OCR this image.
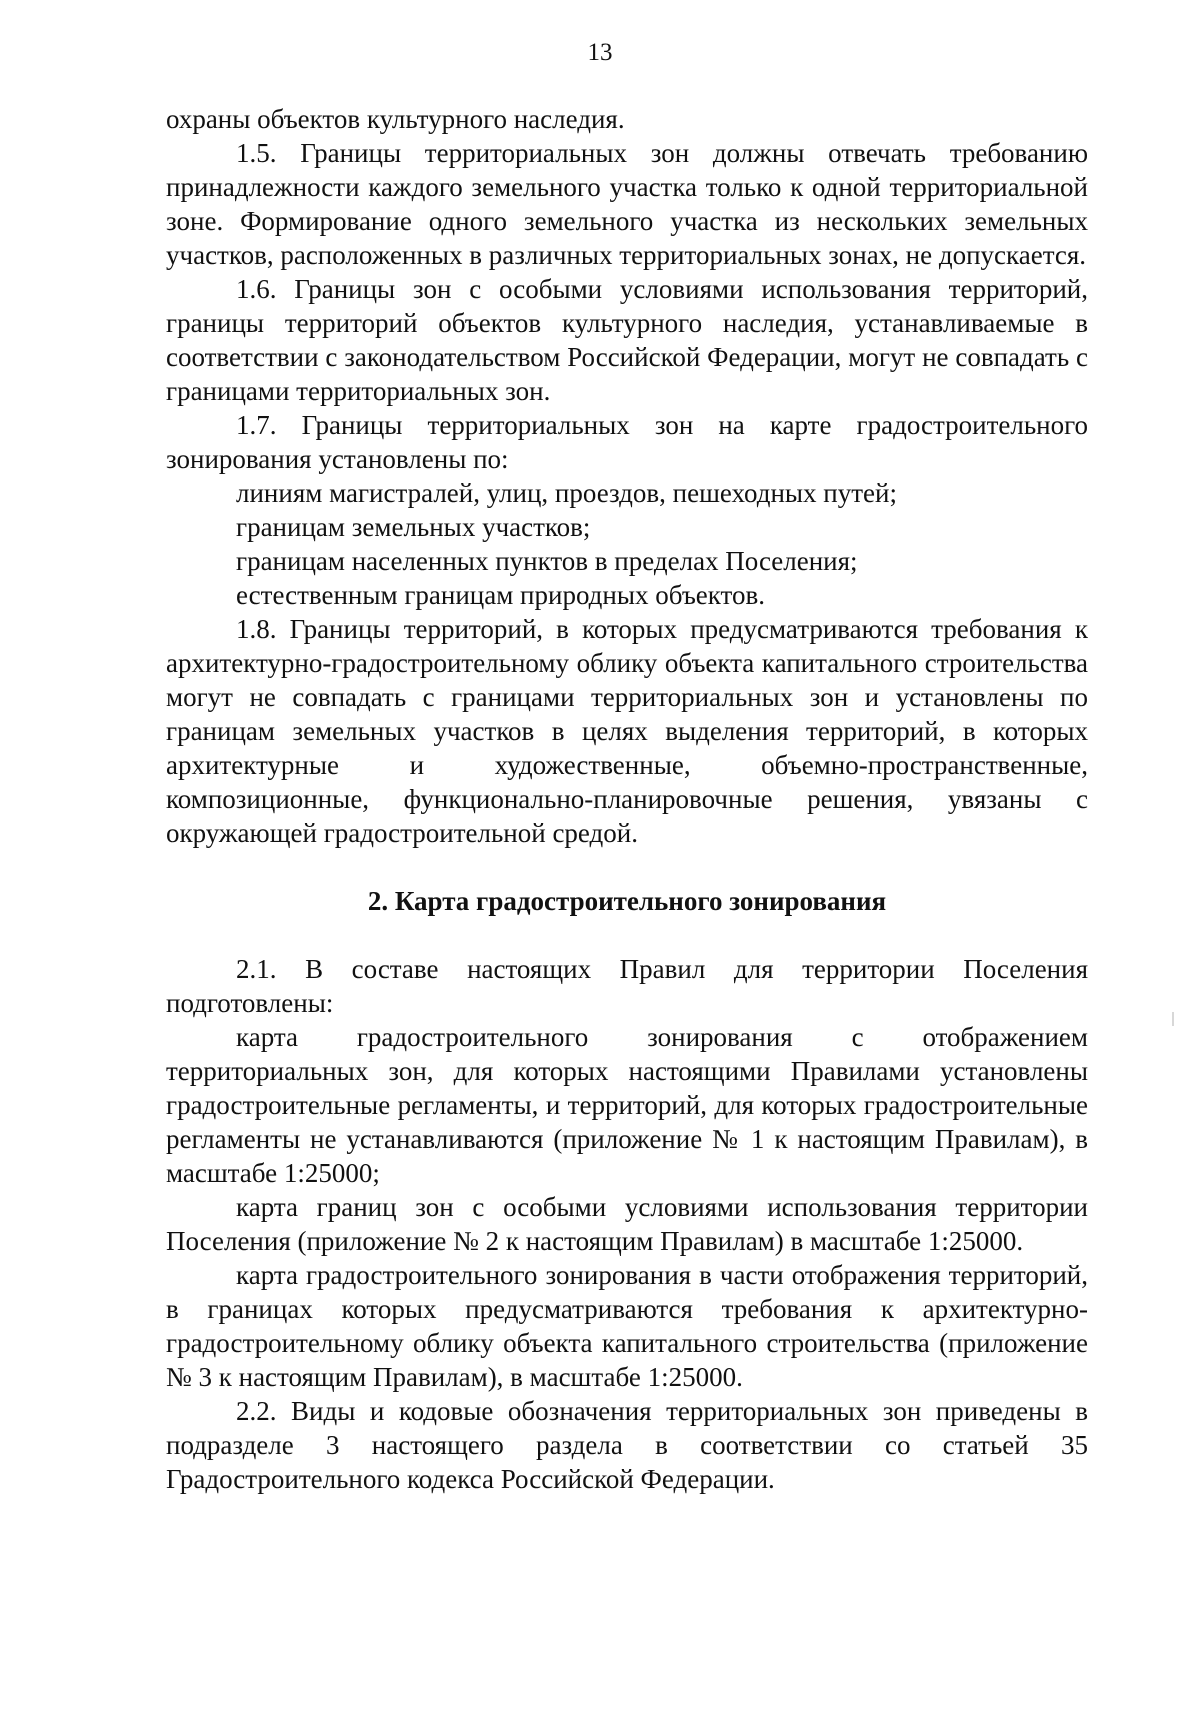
13

охраны объектов культурного наследия.

1.5. Границы территориальных зон должны отвечать требованию принадлежности каждого земельного участка только к одной территориальной зоне. Формирование одного земельного участка из нескольких земельных участков, расположенных в различных территориальных зонах, не допускается.

1.6. Границы зон с особыми условиями использования территорий, границы территорий объектов культурного наследия, устанавливаемые в соответствии с законодательством Российской Федерации, могут не совпадать с границами территориальных зон.

1.7. Границы территориальных зон на карте градостроительного зонирования установлены по:

линиям магистралей, улиц, проездов, пешеходных путей;

границам земельных участков;

границам населенных пунктов в пределах Поселения;

естественным границам природных объектов.

1.8. Границы территорий, в которых предусматриваются требования к архитектурно-градостроительному облику объекта капитального строительства могут не совпадать с границами территориальных зон и установлены по границам земельных участков в целях выделения территорий, в которых архитектурные и художественные, объемно-пространственные, композиционные, функционально-планировочные решения, увязаны с окружающей градостроительной средой.

2. Карта градостроительного зонирования

2.1. В составе настоящих Правил для территории Поселения подготовлены:

карта градостроительного зонирования с отображением территориальных зон, для которых настоящими Правилами установлены градостроительные регламенты, и территорий, для которых градостроительные регламенты не устанавливаются (приложение № 1 к настоящим Правилам), в масштабе 1:25000;

карта границ зон с особыми условиями использования территории Поселения (приложение № 2 к настоящим Правилам) в масштабе 1:25000.

карта градостроительного зонирования в части отображения территорий, в границах которых предусматриваются требования к архитектурно-градостроительному облику объекта капитального строительства (приложение № 3 к настоящим Правилам), в масштабе 1:25000.

2.2. Виды и кодовые обозначения территориальных зон приведены в подразделе 3 настоящего раздела в соответствии со статьей 35 Градостроительного кодекса Российской Федерации.
